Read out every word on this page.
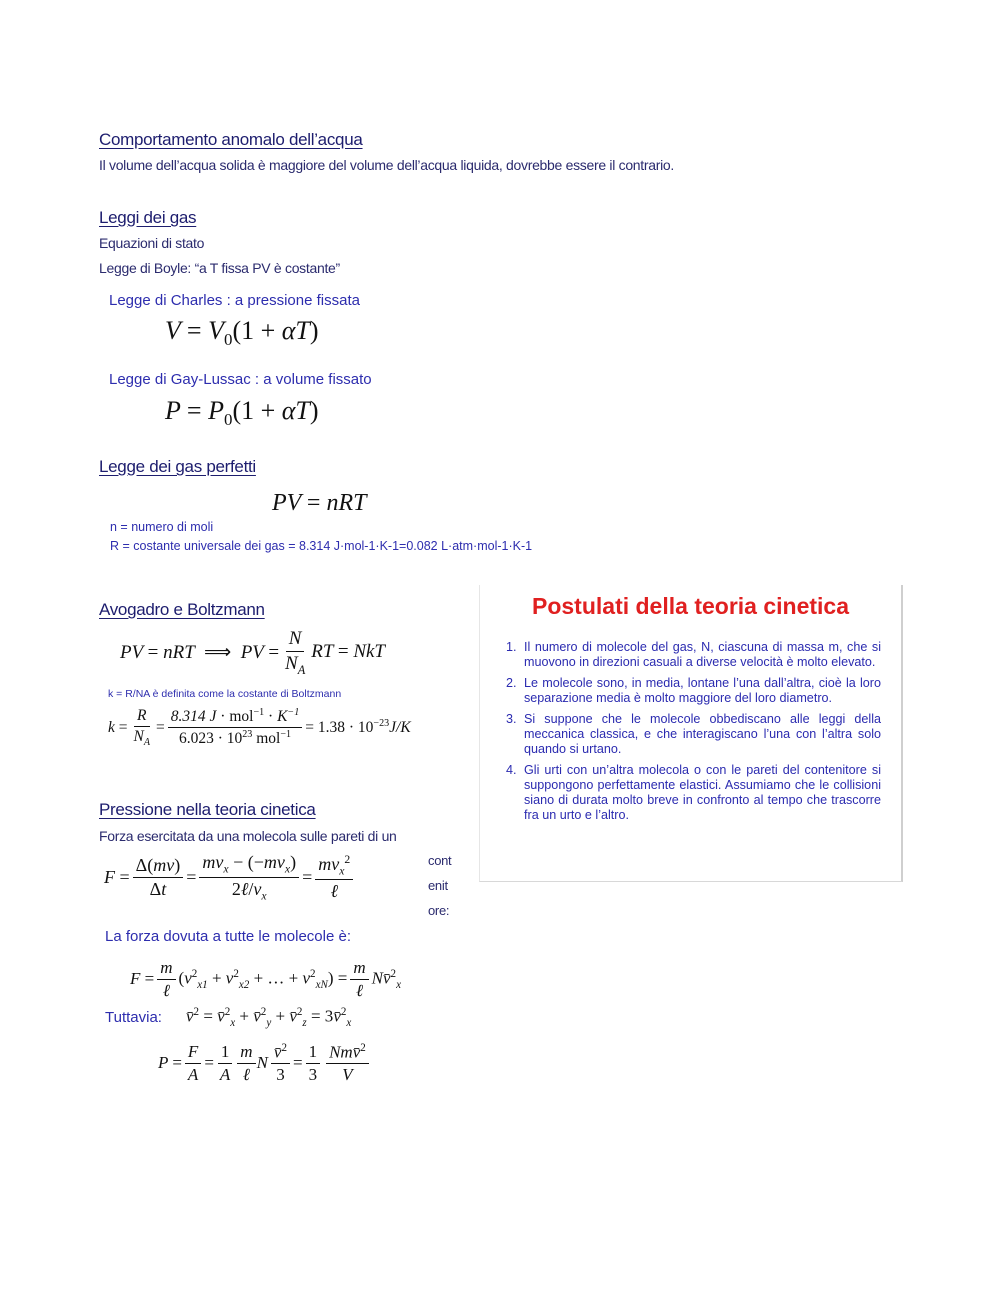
Comportamento anomalo dell’acqua
Il volume dell’acqua solida è maggiore del volume dell’acqua liquida, dovrebbe essere il contrario.
Leggi dei gas
Equazioni di stato
Legge di Boyle: “a T fissa PV è costante”
Legge di Charles : a pressione fissata
$V = V_0(1 + \alpha T)$
Legge di Gay-Lussac : a volume fissato
$P = P_0(1 + \alpha T)$
Legge dei gas perfetti
PV = nRT
n = numero di moli
R = costante universale dei gas = 8.314 J·mol-1·K-1=0.082 L·atm·mol-1·K-1
Avogadro e Boltzmann
PV = nRT  ⟹  PV = $\frac{N}{N_A}$ RT = NkT
k = R/NA è definita come la costante di Boltzmann
$k = \frac{R}{N_A} = \frac{8.314 J \cdot mol^{-1} \cdot K^{-1}}{6.023 \cdot 10^{23} mol^{-1}} = 1.38 \cdot 10^{-23}$ J/K
Pressione nella teoria cinetica
Forza esercitata da una molecola sulle pareti di un
$F = \frac{\Delta(mv)}{\Delta t} = \frac{mv_x - (-mv_x)}{2\ell/v_x} = \frac{mv_x^2}{\text{ℓ}}$	cont
enit
ore:
La forza dovuta a tutte le molecole è:
$F = \frac{m}{\text{ℓ}} (v^2_{x1} + v^2_{x2}$ + … + $v^2_{xN}) = \frac{m}{\text{ℓ}}$ Nv̄$^2_x$
Tuttavia: v̄$^2$ = v̄$^2_x$ + v̄$^2_y$ + v̄$^2_z$ = 3v̄$^2_x$
$P = \frac{F}{A} = \frac{1}{A} \frac{m}{\text{ℓ}}$ N $\frac{v̄^2}{3} = \frac{1}{3} \frac{Nmv̄^2}{V}$
Postulati della teoria cinetica
1. Il numero di molecole del gas, N, ciascuna di massa m, che si muovono in direzioni casuali a diverse velocità è molto elevato.
2. Le molecole sono, in media, lontane l’una dall’altra, cioè la loro separazione media è molto maggiore del loro diametro.
3. Si suppone che le molecole obbediscano alle leggi della meccanica classica, e che interagiscano l’una con l’altra solo quando si urtano.
4. Gli urti con un’altra molecola o con le pareti del contenitore si suppongono perfettamente elastici. Assumiamo che le collisioni siano di durata molto breve in confronto al tempo che trascorre fra un urto e l’altro.
